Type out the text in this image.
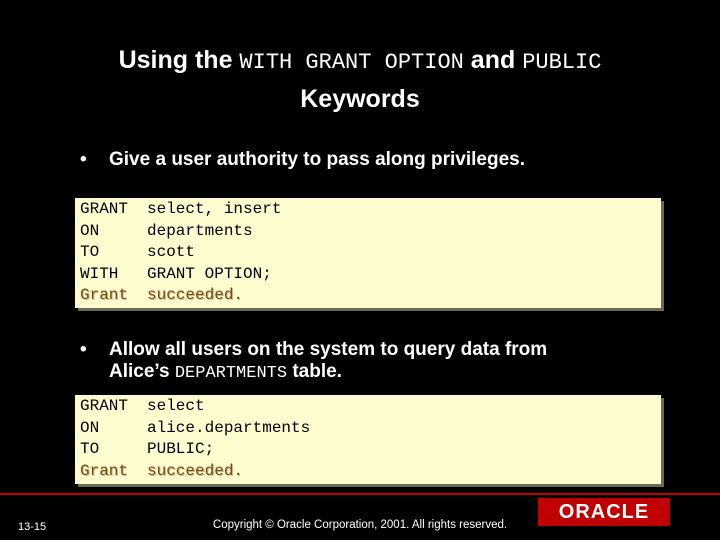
Using the WITH GRANT OPTION and PUBLIC
Keywords
•	Give a user authority to pass along privileges.
GRANT select, insert
ON	departments
TO	scott
WITH GRANT OPTION;
Grant succeeded.
•	Allow all users on the system to query data from
Alice’s DEPARTMENTS table.
GRANT select
ON	alice.departments
TO	PUBLIC;
Grant succeeded.
13-15	Copyright © Oracle Corporation, 2001. All rights reserved.
ORACLE
